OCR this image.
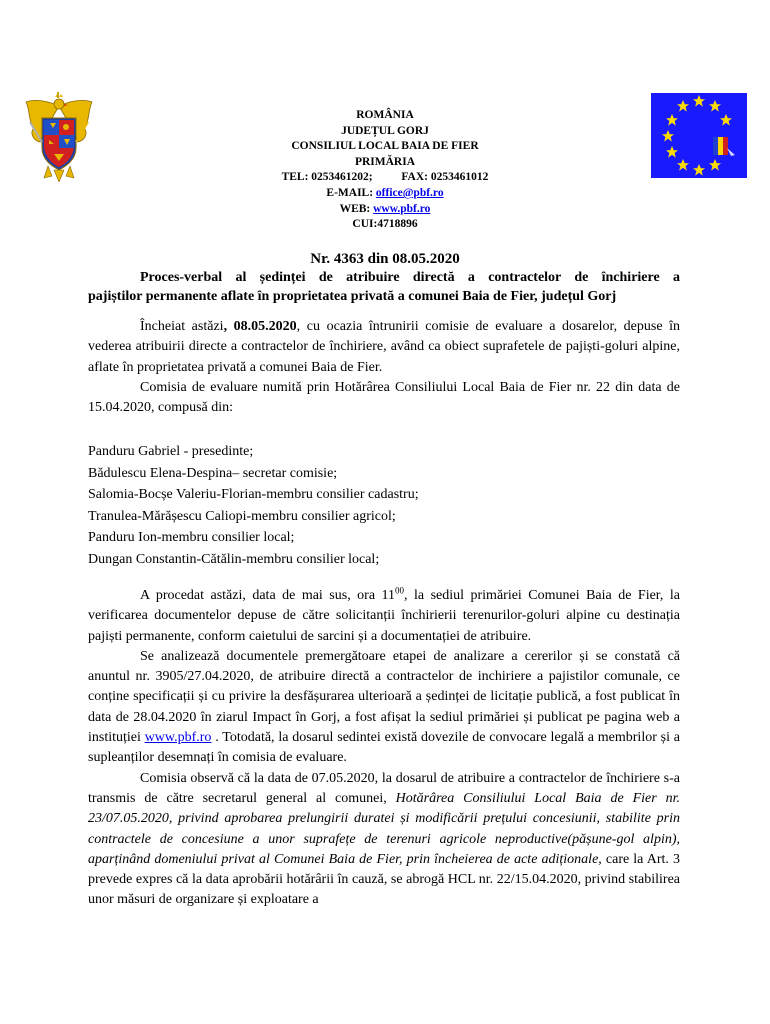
ROMÂNIA
JUDEȚUL GORJ
CONSILIUL LOCAL BAIA DE FIER
PRIMĂRIA
TEL: 0253461202;	FAX: 0253461012
E-MAIL: office@pbf.ro
WEB: www.pbf.ro
CUI:4718896
Nr. 4363 din 08.05.2020
Proces-verbal al ședinței de atribuire directă a contractelor de închiriere a
pajiștilor permanente aflate în proprietatea privată a comunei Baia de Fier, județul Gorj

Încheiat astăzi, 08.05.2020, cu ocazia întrunirii comisie de evaluare a dosarelor, depuse în vederea atribuirii directe a contractelor de închiriere, având ca obiect suprafetele de pajiști-goluri alpine, aflate în proprietatea privată a comunei Baia de Fier.

Comisia de evaluare numită prin Hotărârea Consiliului Local Baia de Fier nr. 22 din data de 15.04.2020, compusă din:

Panduru Gabriel - presedinte;

Bădulescu Elena-Despina– secretar comisie;

Salomia-Bocșe Valeriu-Florian-membru consilier cadastru;

Tranulea-Mărășescu Caliopi-membru consilier agricol;

Panduru Ion-membru consilier local;

Dungan Constantin-Cătălin-membru consilier local;

A procedat astăzi, data de mai sus, ora $11^{00}$, la sediul primăriei Comunei Baia de Fier, la verificarea documentelor depuse de către solicitanții închirierii terenurilor-goluri alpine cu destinația pajiști permanente, conform caietului de sarcini și a documentației de atribuire.

Se analizează documentele premergătoare etapei de analizare a cererilor și se constată că anuntul nr. 3905/27.04.2020, de atribuire directă a contractelor de inchiriere a pajistilor comunale, ce conține specificații și cu privire la desfășurarea ulterioară a ședinței de licitație publică, a fost publicat în data de 28.04.2020 în ziarul Impact în Gorj, a fost afișat la sediul primăriei și publicat pe pagina web a instituției www.pbf.ro . Totodată, la dosarul sedintei există dovezile de convocare legală a membrilor și a supleanților desemnați în comisia de evaluare.

Comisia observă că la data de 07.05.2020, la dosarul de atribuire a contractelor de închiriere s-a transmis de către secretarul general al comunei, Hotărârea Consiliului Local Baia de Fier nr. 23/07.05.2020, privind aprobarea prelungirii duratei și modificării prețului concesiunii, stabilite prin contractele de concesiune a unor suprafețe de terenuri agricole neproductive(pășune-gol alpin), aparținând domeniului privat al Comunei Baia de Fier, prin încheierea de acte adiționale, care la Art. 3 prevede expres că la data aprobării hotărârii în cauză, se abrogă HCL nr. 22/15.04.2020, privind stabilirea unor măsuri de organizare și exploatare a
